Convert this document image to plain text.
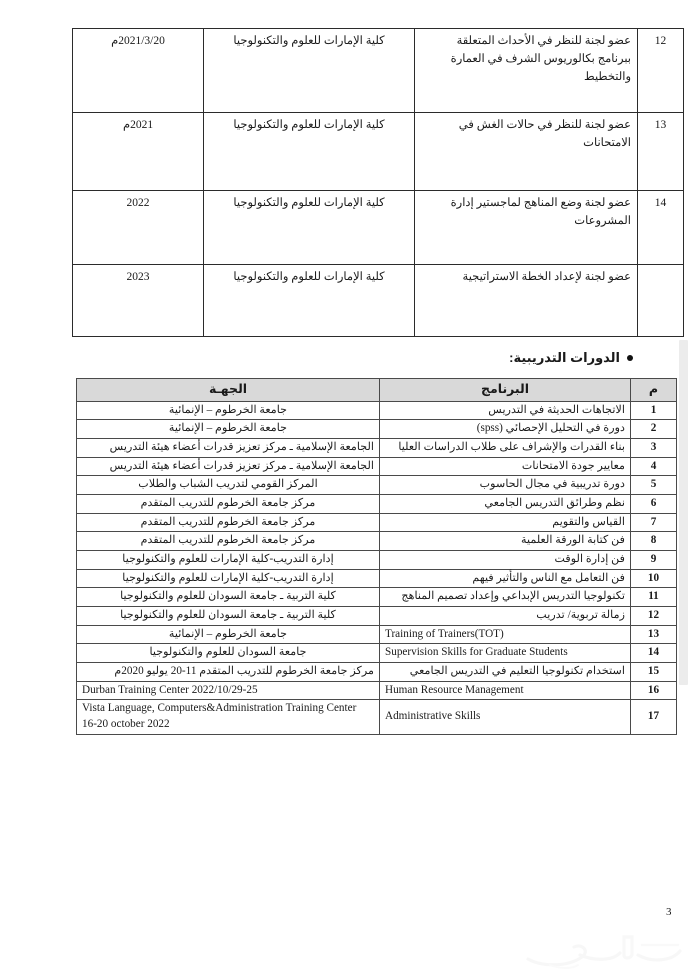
12	عضو لجنة للنظر في الأحداث المتعلقة ببرنامج بكالوريوس الشرف في العمارة والتخطيط	كلية الإمارات للعلوم والتكنولوجيا	2021/3/20م
13	عضو لجنة للنظر في حالات الغش في الامتحانات	كلية الإمارات للعلوم والتكنولوجيا	2021م
14	عضو لجنة وضع المناهج لماجستير إدارة المشروعات	كلية الإمارات للعلوم والتكنولوجيا	2022
	عضو لجنة لإعداد الخطة الاستراتيجية	كلية الإمارات للعلوم والتكنولوجيا	2023
الدورات التدريبية:
م	البرنامج	الجهـة
1	الاتجاهات الحديثة في التدريس	جامعة الخرطوم – الإنمائية
2	دورة في التحليل الإحصائي (spss)	جامعة الخرطوم – الإنمائية
3	بناء القدرات والإشراف على طلاب الدراسات العليا	الجامعة الإسلامية ـ مركز تعزيز قدرات أعضاء هيئة التدريس
4	معايير جودة الامتحانات	الجامعة الإسلامية ـ مركز تعزيز قدرات أعضاء هيئة التدريس
5	دورة تدريبية في مجال الحاسوب	المركز القومي لتدريب الشباب والطلاب
6	نظم وطرائق التدريس الجامعي	مركز جامعة الخرطوم للتدريب المتقدم
7	القياس والتقويم	مركز جامعة الخرطوم للتدريب المتقدم
8	فن كتابة الورقة العلمية	مركز جامعة الخرطوم للتدريب المتقدم
9	فن إدارة الوقت	إدارة التدريب-كلية الإمارات للعلوم والتكنولوجيا
10	فن التعامل مع الناس والتأثير فيهم	إدارة التدريب-كلية الإمارات للعلوم والتكنولوجيا
11	تكنولوجيا التدريس الإبداعي وإعداد تصميم المناهج	كلية التربية ـ جامعة السودان للعلوم والتكنولوجيا
12	زمالة تربوية/ تدريب	كلية التربية ـ جامعة السودان للعلوم والتكنولوجيا
13	Training of Trainers(TOT)	جامعة الخرطوم – الإنمائية
14	Supervision Skills for Graduate Students	جامعة السودان للعلوم والتكنولوجيا
15	استخدام تكنولوجيا التعليم في التدريس الجامعي	مركز جامعة الخرطوم للتدريب المتقدم 11-20 يوليو 2020م
16	Human Resource Management	Durban Training Center 2022/10/29-25
17	Administrative Skills	Vista Language, Computers&Administration Training Center 16-20 october 2022
3
